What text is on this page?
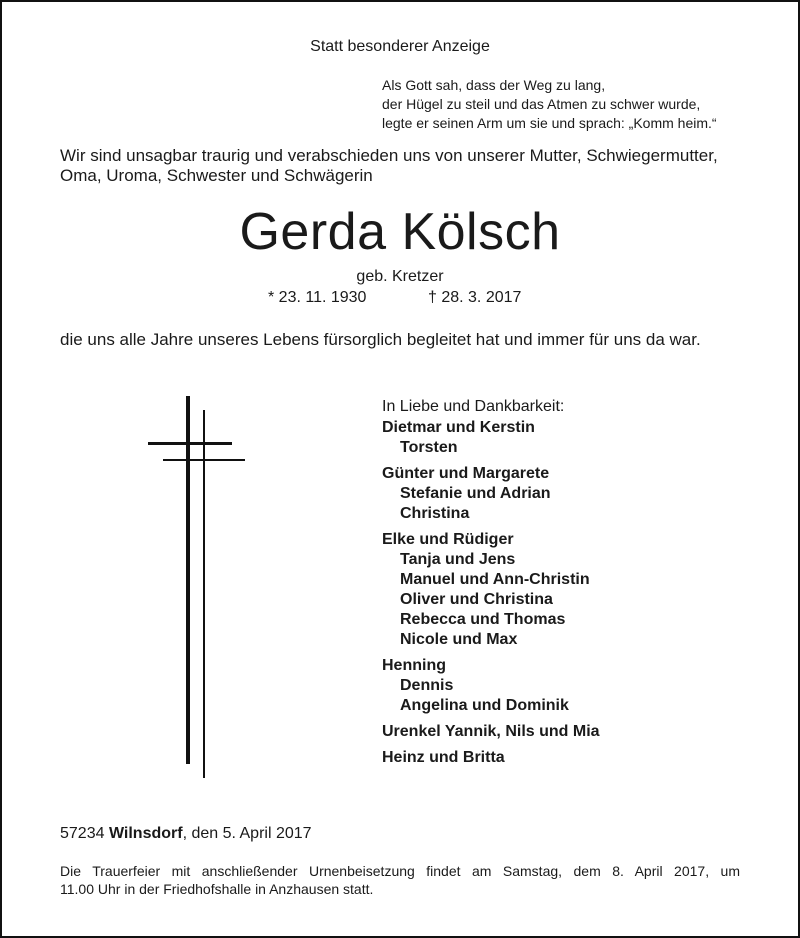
Statt besonderer Anzeige
Als Gott sah, dass der Weg zu lang,
der Hügel zu steil und das Atmen zu schwer wurde,
legte er seinen Arm um sie und sprach: „Komm heim.“
Wir sind unsagbar traurig und verabschieden uns von unserer Mutter, Schwiegermutter,
Oma, Uroma, Schwester und Schwägerin
Gerda Kölsch
geb. Kretzer
* 23. 11. 1930	† 28. 3. 2017
die uns alle Jahre unseres Lebens fürsorglich begleitet hat und immer für uns da war.
In Liebe und Dankbarkeit:
Dietmar und Kerstin
Torsten
Günter und Margarete
Stefanie und Adrian
Christina
Elke und Rüdiger
Tanja und Jens
Manuel und Ann-Christin
Oliver und Christina
Rebecca und Thomas
Nicole und Max
Henning
Dennis
Angelina und Dominik
Urenkel Yannik, Nils und Mia
Heinz und Britta
57234 Wilnsdorf, den 5. April 2017
Die Trauerfeier mit anschließender Urnenbeisetzung findet am Samstag, dem 8. April 2017, um
11.00 Uhr in der Friedhofshalle in Anzhausen statt.
